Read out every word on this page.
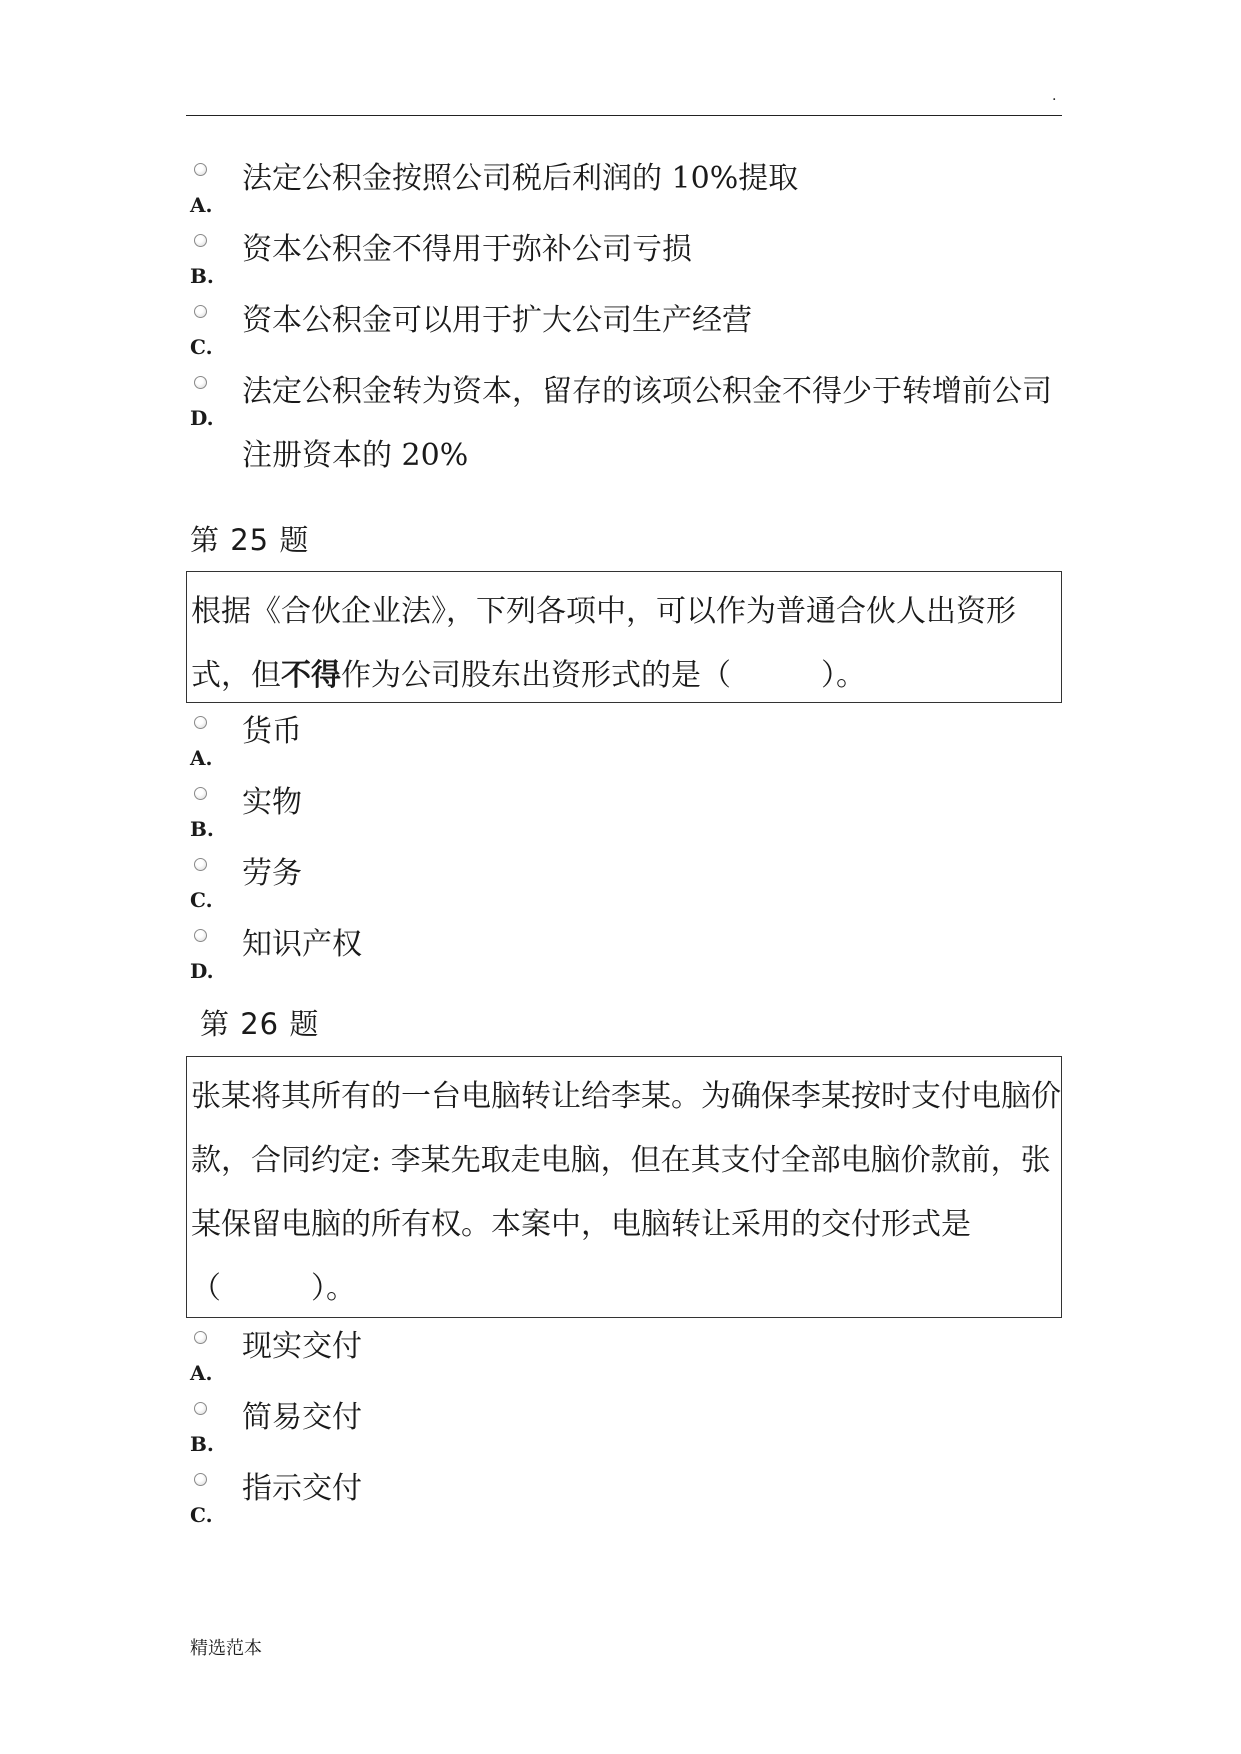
.
A.
法定公积金按照公司税后利润的 10%提取
B.
资本公积金不得用于弥补公司亏损
C.
资本公积金可以用于扩大公司生产经营
D.
法定公积金转为资本，留存的该项公积金不得少于转增前公司注册资本的 20%
第 25 题
根据《合伙企业法》，下列各项中，可以作为普通合伙人出资形式，但不得作为公司股东出资形式的是（　　　）。
A.
货币
B.
实物
C.
劳务
D.
知识产权
第 26 题
张某将其所有的一台电脑转让给李某。为确保李某按时支付电脑价款，合同约定: 李某先取走电脑，但在其支付全部电脑价款前，张某保留电脑的所有权。本案中，电脑转让采用的交付形式是（　　　）。
A.
现实交付
B.
简易交付
C.
指示交付
精选范本
